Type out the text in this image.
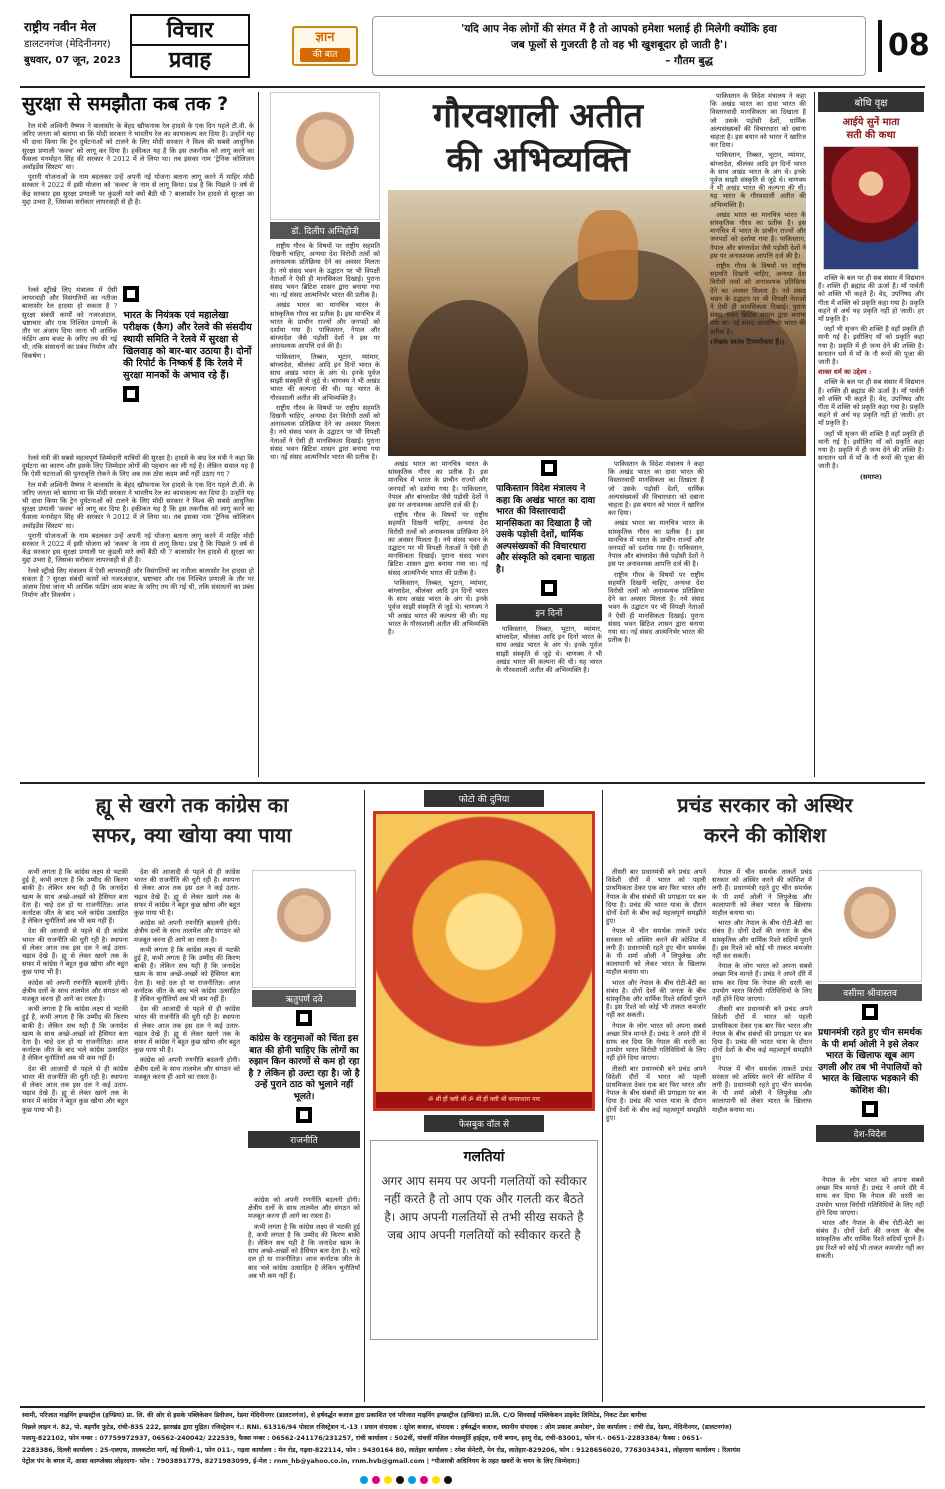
राष्ट्रीय नवीन मेल
डालटनगंज (मेदिनीनगर)
बुधवार, 07 जून, 2023
विचार
प्रवाह
ज्ञान
की बात
'यदि आप नेक लोगों की संगत में है तो आपको हमेशा भलाई ही मिलेगी क्योंकि हवा
जब फूलों से गुजरती है तो वह भी खुशबूदार हो जाती है'।
– गौतम बुद्ध	08
सुरक्षा से समझौता कब तक ?

रेल मंत्री अश्विनी वैष्णव ने बालासोर के बेहद खौफनाक रेल हादसे के एक दिन पहले टी.वी. के जरिए जनता को बताया था कि मोदी सरकार ने भारतीय रेल का कायाकल्प कर दिया है। उन्होंने यह भी दावा किया कि ट्रेन दुर्घटनाओं को टालने के लिए मोदी सरकार ने विश्व की सबसे आधुनिक सुरक्षा प्रणाली 'कवच' को लागू कर दिया है। हकीकत यह है कि इस तकनीक को लागू करने का फैसला मनमोहन सिंह की सरकार ने 2012 में ले लिया था। तब इसका नाम 'ट्रेनिक कोलिजन अवॉइडेंस सिस्टम' था।

पुरानी योजनाओं के नाम बदलकर उन्हें अपनी नई योजना बताना लागू करने में माहिर मोदी सरकार ने 2022 में इसी योजना को 'कवच' के नाम से लागू किया। प्रश्न है कि पिछले 9 वर्ष से केंद्र सरकार इस सुरक्षा प्रणाली पर कुंडली मारे क्यों बैठी थी ? बालासोर रेल हादसे से सुरक्षा का मुद्दा उभरा है, जिसका सरोकार लापरवाही से ही है।

रेलवे स्ट्रीखे लिए मंत्रालय में ऐसी लापरवाही और विसंगतियों का नतीजा बालासोर रेल हादसा हो सकता है ? सुरक्षा संबंधी कार्यों को नजरअंदाज, भ्रष्टाचार और एक निश्चित प्रणाली के तौर पर अंजाम दिया जाना भी आर्थिक फंडिंग आम बजट के जरिए तय की गई थी, तकि संसाधनों का प्रबंध निर्माण और विकर्षण ।

भारत के नियंत्रक एवं महालेखा परीक्षक (कैग) और रेलवे की संसदीय स्थायी समिति ने रेलवे में सुरक्षा से खिलवाड़ को बार-बार उठाया है। दोनों की रिपोर्ट के निष्कर्ष हैं कि रेलवे में सुरक्षा मानकों के अभाव रहे हैं।

रेलवे मंत्री की सबसे महत्वपूर्ण जिम्मेदारी यात्रियों की सुरक्षा है। हादसे के बाद रेल मंत्री ने कहा कि दुर्घटना का कारण और इसके लिए जिम्मेदार लोगों की पहचान कर ली गई है। लेकिन सवाल यह है कि ऐसी घटनाओं की पुनरावृत्ति रोकने के लिए अब तक ठोस कदम क्यों नहीं उठाए गए ?

रेल मंत्री अश्विनी वैष्णव ने बालासोर के बेहद खौफनाक रेल हादसे के एक दिन पहले टी.वी. के जरिए जनता को बताया था कि मोदी सरकार ने भारतीय रेल का कायाकल्प कर दिया है। उन्होंने यह भी दावा किया कि ट्रेन दुर्घटनाओं को टालने के लिए मोदी सरकार ने विश्व की सबसे आधुनिक सुरक्षा प्रणाली 'कवच' को लागू कर दिया है। हकीकत यह है कि इस तकनीक को लागू करने का फैसला मनमोहन सिंह की सरकार ने 2012 में ले लिया था। तब इसका नाम 'ट्रेनिक कोलिजन अवॉइडेंस सिस्टम' था।

पुरानी योजनाओं के नाम बदलकर उन्हें अपनी नई योजना बताना लागू करने में माहिर मोदी सरकार ने 2022 में इसी योजना को 'कवच' के नाम से लागू किया। प्रश्न है कि पिछले 9 वर्ष से केंद्र सरकार इस सुरक्षा प्रणाली पर कुंडली मारे क्यों बैठी थी ? बालासोर रेल हादसे से सुरक्षा का मुद्दा उभरा है, जिसका सरोकार लापरवाही से ही है।

रेलवे स्ट्रीखे लिए मंत्रालय में ऐसी लापरवाही और विसंगतियों का नतीजा बालासोर रेल हादसा हो सकता है ? सुरक्षा संबंधी कार्यों को नजरअंदाज, भ्रष्टाचार और एक निश्चित प्रणाली के तौर पर अंजाम दिया जाना भी आर्थिक फंडिंग आम बजट के जरिए तय की गई थी, तकि संसाधनों का प्रबंध निर्माण और विकर्षण ।

डॉ. दिलीप अग्निहोत्री
गौरवशाली अतीत
की अभिव्यक्ति

राष्ट्रीय गौरव के विषयों पर राष्ट्रीय सहमति दिखनी चाहिए, अन्यथा देश विरोधी तत्वों को अनावश्यक प्रतिक्रिया देने का अवसर मिलता है। नये संसद भवन के उद्घाटन पर भी विपक्षी नेताओं ने ऐसी ही मानसिकता दिखाई। पुराना संसद भवन ब्रिटिश शासन द्वारा बनाया गया था। नई संसद आत्मनिर्भर भारत की प्रतीक है।

अखंड भारत का मानचित्र भारत के सांस्कृतिक गौरव का प्रतीक है। इस मानचित्र में भारत के प्राचीन राज्यों और जनपदों को दर्शाया गया है। पाकिस्तान, नेपाल और बांग्लादेश जैसे पड़ोसी देशों ने इस पर अनावश्यक आपत्ति दर्ज की है।

पाकिस्तान, तिब्बत, भूटान, म्यांमार, बांग्लादेश, श्रीलंका आदि इन दिनों भारत के साथ अखंड भारत के अंग थे। इनके पूर्वज साझी संस्कृति से जुड़े थे। चाणक्य ने भी अखंड भारत की कल्पना की थी। यह भारत के गौरवशाली अतीत की अभिव्यक्ति है।

राष्ट्रीय गौरव के विषयों पर राष्ट्रीय सहमति दिखनी चाहिए, अन्यथा देश विरोधी तत्वों को अनावश्यक प्रतिक्रिया देने का अवसर मिलता है। नये संसद भवन के उद्घाटन पर भी विपक्षी नेताओं ने ऐसी ही मानसिकता दिखाई। पुराना संसद भवन ब्रिटिश शासन द्वारा बनाया गया था। नई संसद आत्मनिर्भर भारत की प्रतीक है।

अखंड भारत का मानचित्र भारत के सांस्कृतिक गौरव का प्रतीक है। इस मानचित्र में भारत के प्राचीन राज्यों और जनपदों को दर्शाया गया है। पाकिस्तान, नेपाल और बांग्लादेश जैसे पड़ोसी देशों ने इस पर अनावश्यक आपत्ति दर्ज की है।

राष्ट्रीय गौरव के विषयों पर राष्ट्रीय सहमति दिखनी चाहिए, अन्यथा देश विरोधी तत्वों को अनावश्यक प्रतिक्रिया देने का अवसर मिलता है। नये संसद भवन के उद्घाटन पर भी विपक्षी नेताओं ने ऐसी ही मानसिकता दिखाई। पुराना संसद भवन ब्रिटिश शासन द्वारा बनाया गया था। नई संसद आत्मनिर्भर भारत की प्रतीक है।

पाकिस्तान, तिब्बत, भूटान, म्यांमार, बांग्लादेश, श्रीलंका आदि इन दिनों भारत के साथ अखंड भारत के अंग थे। इनके पूर्वज साझी संस्कृति से जुड़े थे। चाणक्य ने भी अखंड भारत की कल्पना की थी। यह भारत के गौरवशाली अतीत की अभिव्यक्ति है।

पाकिस्तान विदेश मंत्रालय ने कहा कि अखंड भारत का दावा भारत की विस्तारवादी मानसिकता का दिखाता है जो उसके पड़ोसी देशों, धार्मिक अल्पसंख्यकों की विचारधारा और संस्कृति को दबाना चाहता है।
इन दिनों

पाकिस्तान, तिब्बत, भूटान, म्यांमार, बांग्लादेश, श्रीलंका आदि इन दिनों भारत के साथ अखंड भारत के अंग थे। इनके पूर्वज साझी संस्कृति से जुड़े थे। चाणक्य ने भी अखंड भारत की कल्पना की थी। यह भारत के गौरवशाली अतीत की अभिव्यक्ति है।

पाकिस्तान के विदेश मंत्रालय ने कहा कि अखंड भारत का दावा भारत की विस्तारवादी मानसिकता का दिखाता है जो उसके पड़ोसी देशों, धार्मिक अल्पसंख्यकों की विचारधारा को दबाना चाहता है। इस बयान को भारत ने खारिज कर दिया।

अखंड भारत का मानचित्र भारत के सांस्कृतिक गौरव का प्रतीक है। इस मानचित्र में भारत के प्राचीन राज्यों और जनपदों को दर्शाया गया है। पाकिस्तान, नेपाल और बांग्लादेश जैसे पड़ोसी देशों ने इस पर अनावश्यक आपत्ति दर्ज की है।

राष्ट्रीय गौरव के विषयों पर राष्ट्रीय सहमति दिखनी चाहिए, अन्यथा देश विरोधी तत्वों को अनावश्यक प्रतिक्रिया देने का अवसर मिलता है। नये संसद भवन के उद्घाटन पर भी विपक्षी नेताओं ने ऐसी ही मानसिकता दिखाई। पुराना संसद भवन ब्रिटिश शासन द्वारा बनाया गया था। नई संसद आत्मनिर्भर भारत की प्रतीक है।

पाकिस्तान के विदेश मंत्रालय ने कहा कि अखंड भारत का दावा भारत की विस्तारवादी मानसिकता का दिखाता है जो उसके पड़ोसी देशों, धार्मिक अल्पसंख्यकों की विचारधारा को दबाना चाहता है। इस बयान को भारत ने खारिज कर दिया।

पाकिस्तान, तिब्बत, भूटान, म्यांमार, बांग्लादेश, श्रीलंका आदि इन दिनों भारत के साथ अखंड भारत के अंग थे। इनके पूर्वज साझी संस्कृति से जुड़े थे। चाणक्य ने भी अखंड भारत की कल्पना की थी। यह भारत के गौरवशाली अतीत की अभिव्यक्ति है।

अखंड भारत का मानचित्र भारत के सांस्कृतिक गौरव का प्रतीक है। इस मानचित्र में भारत के प्राचीन राज्यों और जनपदों को दर्शाया गया है। पाकिस्तान, नेपाल और बांग्लादेश जैसे पड़ोसी देशों ने इस पर अनावश्यक आपत्ति दर्ज की है।

राष्ट्रीय गौरव के विषयों पर राष्ट्रीय सहमति दिखनी चाहिए, अन्यथा देश विरोधी तत्वों को अनावश्यक प्रतिक्रिया देने का अवसर मिलता है। नये संसद भवन के उद्घाटन पर भी विपक्षी नेताओं ने ऐसी ही मानसिकता दिखाई। पुराना संसद भवन ब्रिटिश शासन द्वारा बनाया गया था। नई संसद आत्मनिर्भर भारत की प्रतीक है।

(लेखक स्वतंत्र टिप्पणीकार हैं।)

बोधि वृक्ष
आईये सुनें माता
सती की कथा

शक्ति के बल पर ही सब संसार में विद्यमान हैं। शक्ति ही ब्रह्मांड की ऊर्जा है। माँ पार्वती को शक्ति भी कहते हैं। वेद, उपनिषद और गीता में शक्ति को प्रकृति कहा गया है। प्रकृति कहने से अर्थ यह प्रकृति नहीं हो जाती। हर माँ प्रकृति है।

जहाँ भी सृजन की शक्ति है वहाँ प्रकृति ही मानी गई है। इसीलिए माँ को प्रकृति कहा गया है। प्रकृति में ही जन्म देने की शक्ति है। सनातन धर्म में माँ के नौ रूपों की पूजा की जाती है।

शाक्त धर्म का उद्देश्य :

शक्ति के बल पर ही सब संसार में विद्यमान हैं। शक्ति ही ब्रह्मांड की ऊर्जा है। माँ पार्वती को शक्ति भी कहते हैं। वेद, उपनिषद और गीता में शक्ति को प्रकृति कहा गया है। प्रकृति कहने से अर्थ यह प्रकृति नहीं हो जाती। हर माँ प्रकृति है।

जहाँ भी सृजन की शक्ति है वहाँ प्रकृति ही मानी गई है। इसीलिए माँ को प्रकृति कहा गया है। प्रकृति में ही जन्म देने की शक्ति है। सनातन धर्म में माँ के नौ रूपों की पूजा की जाती है।

(समाप्त)

ह्यू से खरगे तक कांग्रेस का
सफर, क्या खोया क्या पाया

कभी लगता है कि कांग्रेस लक्ष्य से भटकी हुई है, कभी लगता है कि उम्मीद की किरण बाकी है। लेकिन सच यही है कि जनादेश खत्म के साथ अच्छे-अच्छों को हैसियत बता देता है। चाहे दल हो या राजनीतिज्ञ। आज कर्नाटक जीत के बाद भले कांग्रेस उत्साहित है लेकिन चुनौतियाँ अब भी कम नहीं हैं।

देश की आजादी से पहले से ही कांग्रेस भारत की राजनीति की धुरी रही है। स्थापना से लेकर आज तक इस दल ने कई उतार-चढ़ाव देखे हैं। ह्यू से लेकर खरगे तक के सफर में कांग्रेस ने बहुत कुछ खोया और बहुत कुछ पाया भी है।

कांग्रेस को अपनी रणनीति बदलनी होगी। क्षेत्रीय दलों के साथ तालमेल और संगठन को मजबूत करना ही आगे का रास्ता है।

कभी लगता है कि कांग्रेस लक्ष्य से भटकी हुई है, कभी लगता है कि उम्मीद की किरण बाकी है। लेकिन सच यही है कि जनादेश खत्म के साथ अच्छे-अच्छों को हैसियत बता देता है। चाहे दल हो या राजनीतिज्ञ। आज कर्नाटक जीत के बाद भले कांग्रेस उत्साहित है लेकिन चुनौतियाँ अब भी कम नहीं हैं।

देश की आजादी से पहले से ही कांग्रेस भारत की राजनीति की धुरी रही है। स्थापना से लेकर आज तक इस दल ने कई उतार-चढ़ाव देखे हैं। ह्यू से लेकर खरगे तक के सफर में कांग्रेस ने बहुत कुछ खोया और बहुत कुछ पाया भी है।

देश की आजादी से पहले से ही कांग्रेस भारत की राजनीति की धुरी रही है। स्थापना से लेकर आज तक इस दल ने कई उतार-चढ़ाव देखे हैं। ह्यू से लेकर खरगे तक के सफर में कांग्रेस ने बहुत कुछ खोया और बहुत कुछ पाया भी है।

कांग्रेस को अपनी रणनीति बदलनी होगी। क्षेत्रीय दलों के साथ तालमेल और संगठन को मजबूत करना ही आगे का रास्ता है।

कभी लगता है कि कांग्रेस लक्ष्य से भटकी हुई है, कभी लगता है कि उम्मीद की किरण बाकी है। लेकिन सच यही है कि जनादेश खत्म के साथ अच्छे-अच्छों को हैसियत बता देता है। चाहे दल हो या राजनीतिज्ञ। आज कर्नाटक जीत के बाद भले कांग्रेस उत्साहित है लेकिन चुनौतियाँ अब भी कम नहीं हैं।

देश की आजादी से पहले से ही कांग्रेस भारत की राजनीति की धुरी रही है। स्थापना से लेकर आज तक इस दल ने कई उतार-चढ़ाव देखे हैं। ह्यू से लेकर खरगे तक के सफर में कांग्रेस ने बहुत कुछ खोया और बहुत कुछ पाया भी है।

कांग्रेस को अपनी रणनीति बदलनी होगी। क्षेत्रीय दलों के साथ तालमेल और संगठन को मजबूत करना ही आगे का रास्ता है।

ऋतुपर्ण दवे
कांग्रेस के रहनुमाओं को चिंता इस बात की होनी चाहिए कि लोगों का रुझान किन कारणों से कम हो रहा है ? लेकिन हो उल्टा रहा है। जो है उन्हें पुराने ठाठ को भुलाने नहीं भूलते।
राजनीति

कांग्रेस को अपनी रणनीति बदलनी होगी। क्षेत्रीय दलों के साथ तालमेल और संगठन को मजबूत करना ही आगे का रास्ता है।

कभी लगता है कि कांग्रेस लक्ष्य से भटकी हुई है, कभी लगता है कि उम्मीद की किरण बाकी है। लेकिन सच यही है कि जनादेश खत्म के साथ अच्छे-अच्छों को हैसियत बता देता है। चाहे दल हो या राजनीतिज्ञ। आज कर्नाटक जीत के बाद भले कांग्रेस उत्साहित है लेकिन चुनौतियाँ अब भी कम नहीं हैं।

फोटो की दुनिया
ॐ श्रीं हीं क्लीं श्रीं ॐ श्रीं हीं क्लीं श्रीं कनकधारा नमः
फेसबुक वॉल से
गलतियां
अगर आप समय पर अपनी गलतियों को स्वीकार नहीं करते है तो आप एक और गलती कर बैठते है। आप अपनी गलतियों से तभी सीख सकते है जब आप अपनी गलतियों को स्वीकार करते है
प्रचंड सरकार को अस्थिर
करने की कोशिश

तीसरी बार प्रधानमंत्री बने प्रचंड अपने विदेशी दौरों में भारत को पहली प्राथमिकता देकर एक बार फिर भारत और नेपाल के बीच संबंधों की प्रगाढ़ता पर बल दिया है। प्रचंड की भारत यात्रा के दौरान दोनों देशों के बीच कई महत्वपूर्ण समझौते हुए।

नेपाल में चीन समर्थक ताकतें प्रचंड सरकार को अस्थिर करने की कोशिश में लगी हैं। प्रधानमंत्री रहते हुए चीन समर्थक के पी शर्मा ओली ने लिपुलेख और कालापानी को लेकर भारत के खिलाफ माहौल बनाया था।

भारत और नेपाल के बीच रोटी-बेटी का संबंध है। दोनों देशों की जनता के बीच सांस्कृतिक और धार्मिक रिश्ते सदियों पुराने हैं। इस रिश्ते को कोई भी ताकत कमजोर नहीं कर सकती।

नेपाल के लोग भारत को अपना सबसे अच्छा मित्र मानते हैं। प्रचंड ने अपने दौरे में साफ कर दिया कि नेपाल की धरती का उपयोग भारत विरोधी गतिविधियों के लिए नहीं होने दिया जाएगा।

तीसरी बार प्रधानमंत्री बने प्रचंड अपने विदेशी दौरों में भारत को पहली प्राथमिकता देकर एक बार फिर भारत और नेपाल के बीच संबंधों की प्रगाढ़ता पर बल दिया है। प्रचंड की भारत यात्रा के दौरान दोनों देशों के बीच कई महत्वपूर्ण समझौते हुए।

नेपाल में चीन समर्थक ताकतें प्रचंड सरकार को अस्थिर करने की कोशिश में लगी हैं। प्रधानमंत्री रहते हुए चीन समर्थक के पी शर्मा ओली ने लिपुलेख और कालापानी को लेकर भारत के खिलाफ माहौल बनाया था।

भारत और नेपाल के बीच रोटी-बेटी का संबंध है। दोनों देशों की जनता के बीच सांस्कृतिक और धार्मिक रिश्ते सदियों पुराने हैं। इस रिश्ते को कोई भी ताकत कमजोर नहीं कर सकती।

नेपाल के लोग भारत को अपना सबसे अच्छा मित्र मानते हैं। प्रचंड ने अपने दौरे में साफ कर दिया कि नेपाल की धरती का उपयोग भारत विरोधी गतिविधियों के लिए नहीं होने दिया जाएगा।

तीसरी बार प्रधानमंत्री बने प्रचंड अपने विदेशी दौरों में भारत को पहली प्राथमिकता देकर एक बार फिर भारत और नेपाल के बीच संबंधों की प्रगाढ़ता पर बल दिया है। प्रचंड की भारत यात्रा के दौरान दोनों देशों के बीच कई महत्वपूर्ण समझौते हुए।

नेपाल में चीन समर्थक ताकतें प्रचंड सरकार को अस्थिर करने की कोशिश में लगी हैं। प्रधानमंत्री रहते हुए चीन समर्थक के पी शर्मा ओली ने लिपुलेख और कालापानी को लेकर भारत के खिलाफ माहौल बनाया था।

वसीमा श्रीवास्तव
प्रधानमंत्री रहते हुए चीन समर्थक के पी शर्मा ओली ने इसे लेकर भारत के खिलाफ खूब आग उगली और तब भी नेपालियों को भारत के खिलाफ भड़काने की कोशिश की।
देश-विदेश

नेपाल के लोग भारत को अपना सबसे अच्छा मित्र मानते हैं। प्रचंड ने अपने दौरे में साफ कर दिया कि नेपाल की धरती का उपयोग भारत विरोधी गतिविधियों के लिए नहीं होने दिया जाएगा।

भारत और नेपाल के बीच रोटी-बेटी का संबंध है। दोनों देशों की जनता के बीच सांस्कृतिक और धार्मिक रिश्ते सदियों पुराने हैं। इस रिश्ते को कोई भी ताकत कमजोर नहीं कर सकती।

स्वामी, परिजात माइनिंग इण्डस्ट्रीज (इण्डिया) प्रा. लि. की ओर से इसके पब्लिकेशन डिवीजन, रेडमा मेदिनीनगर (डालटनगंज), से हर्षवर्द्धन बजाज द्वारा प्रकाशित एवं परिजात माइनिंग इण्डस्ट्रीज (इण्डिया) प्रा.लि. C/O शिवसाईं पब्लिकेशन प्राइवेट लिमिटेड, निकट टेंडर बागीचा
पिछ्ले लाइन नं. 82, पो. बड़गाँव फुटेड, रांची-835 222, झारखंड द्वारा मुद्रित। रजिस्ट्रेशन नं.: RNI. 61316/94 पोस्टल रजिस्ट्रेशन नं.-13 । प्रधान संपादक : सुरेश बजाज, संपादक : हर्षवर्द्धन बजाज, स्थानीय संपादक : ओम प्रकाश अमरेश*, प्रेस कार्यालय : रांची रोड, रेडमा, मेदिनीनगर, (डालटनगंज)
पलामू-822102, फोन नम्बर : 07759972937, 06562-240042/ 222539, फैक्स नम्बर : 06562-241176/231257, रांची कार्यालय : 502वीं, पांचवीं मंजिल मंगलमूर्ति हाईट्स, रानी बगान, हरमू रोड, रांची-83001, फोन नं.- 0651-2283384/ फैक्स : 0651-
2283386, दिल्ली कार्यालय : 25-एलएफ, तालकटोरा मार्ग, नई दिल्ली-1, फोन 011-, गढ़वा कार्यालय : मेन रोड, गढ़वा-822114, फोन : 9430164 80, लातेहार कार्यालय : रमेश सेनेटरी, मेन रोड, लातेहार-829206, फोन : 9128656020, 7763034341, लोहरदगा कार्यालय : रिलायंस
पेट्रोल पंप के बगल में, आशा काम्प्लेक्स लोहरदगा- फोन : 7903891779, 8271983099, ई-मेल : rnm_hb@yahoo.co.in, rnm.hvb@gmail.com | *पीआरबी अधिनियम के तहत खबरों के चयन के लिए जिम्मेदार।)
